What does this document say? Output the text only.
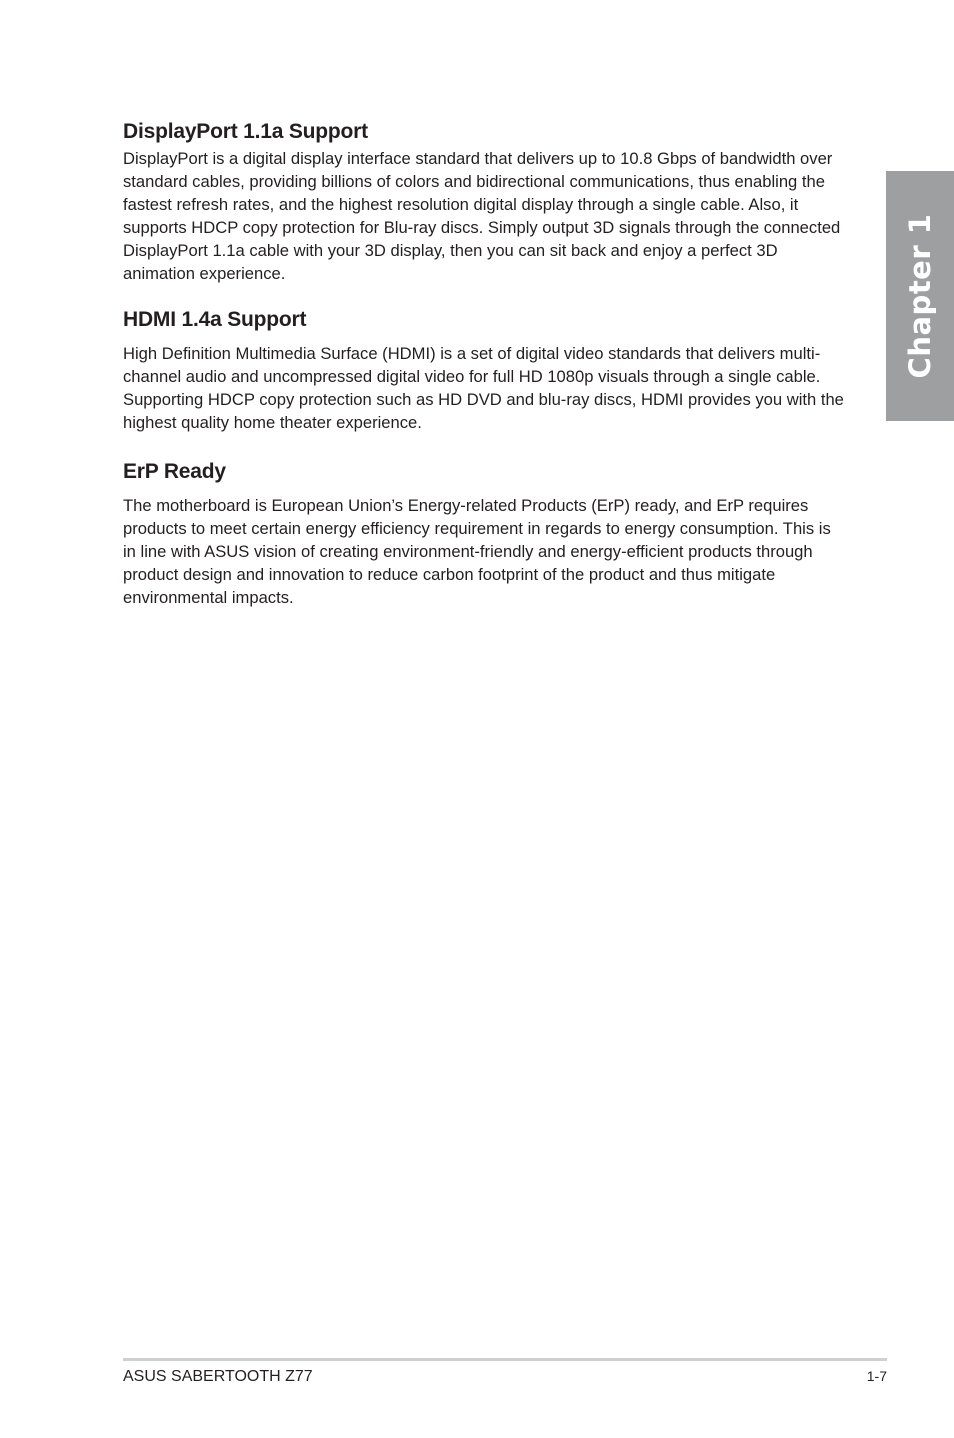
DisplayPort 1.1a Support

DisplayPort is a digital display interface standard that delivers up to 10.8 Gbps of bandwidth over standard cables, providing billions of colors and bidirectional communications, thus enabling the fastest refresh rates, and the highest resolution digital display through a single cable. Also, it supports HDCP copy protection for Blu-ray discs. Simply output 3D signals through the connected DisplayPort 1.1a cable with your 3D display, then you can sit back and enjoy a perfect 3D animation experience.

HDMI 1.4a Support

High Definition Multimedia Surface (HDMI) is a set of digital video standards that delivers multi-channel audio and uncompressed digital video for full HD 1080p visuals through a single cable. Supporting HDCP copy protection such as HD DVD and blu-ray discs, HDMI provides you with the highest quality home theater experience.

ErP Ready

The motherboard is European Union’s Energy-related Products (ErP) ready, and ErP requires products to meet certain energy efficiency requirement in regards to energy consumption. This is in line with ASUS vision of creating environment-friendly and energy-efficient products through product design and innovation to reduce carbon footprint of the product and thus mitigate environmental impacts.

Chapter 1
ASUS SABERTOOTH Z77	1-7
